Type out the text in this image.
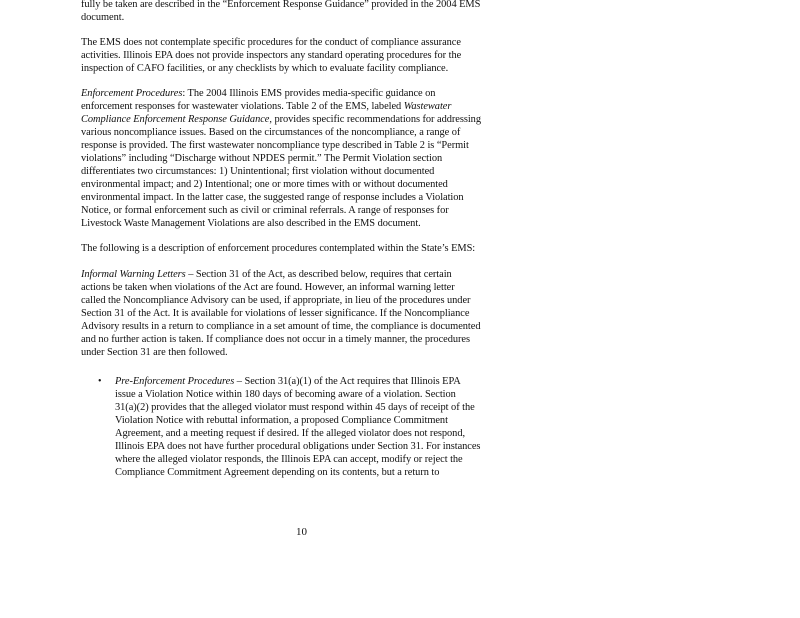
fully be taken are described in the “Enforcement Response Guidance” provided in the 2004 EMS
document.
The EMS does not contemplate specific procedures for the conduct of compliance assurance
activities. Illinois EPA does not provide inspectors any standard operating procedures for the
inspection of CAFO facilities, or any checklists by which to evaluate facility compliance.
Enforcement Procedures: The 2004 Illinois EMS provides media-specific guidance on
enforcement responses for wastewater violations. Table 2 of the EMS, labeled Wastewater
Compliance Enforcement Response Guidance, provides specific recommendations for addressing
various noncompliance issues. Based on the circumstances of the noncompliance, a range of
response is provided. The first wastewater noncompliance type described in Table 2 is “Permit
violations” including “Discharge without NPDES permit.” The Permit Violation section
differentiates two circumstances: 1) Unintentional; first violation without documented
environmental impact; and 2) Intentional; one or more times with or without documented
environmental impact. In the latter case, the suggested range of response includes a Violation
Notice, or formal enforcement such as civil or criminal referrals. A range of responses for
Livestock Waste Management Violations are also described in the EMS document.
The following is a description of enforcement procedures contemplated within the State’s EMS:
Informal Warning Letters – Section 31 of the Act, as described below, requires that certain
actions be taken when violations of the Act are found. However, an informal warning letter
called the Noncompliance Advisory can be used, if appropriate, in lieu of the procedures under
Section 31 of the Act. It is available for violations of lesser significance. If the Noncompliance
Advisory results in a return to compliance in a set amount of time, the compliance is documented
and no further action is taken. If compliance does not occur in a timely manner, the procedures
under Section 31 are then followed.
• Pre-Enforcement Procedures – Section 31(a)(1) of the Act requires that Illinois EPA
issue a Violation Notice within 180 days of becoming aware of a violation. Section
31(a)(2) provides that the alleged violator must respond within 45 days of receipt of the
Violation Notice with rebuttal information, a proposed Compliance Commitment
Agreement, and a meeting request if desired. If the alleged violator does not respond,
Illinois EPA does not have further procedural obligations under Section 31. For instances
where the alleged violator responds, the Illinois EPA can accept, modify or reject the
Compliance Commitment Agreement depending on its contents, but a return to
10
